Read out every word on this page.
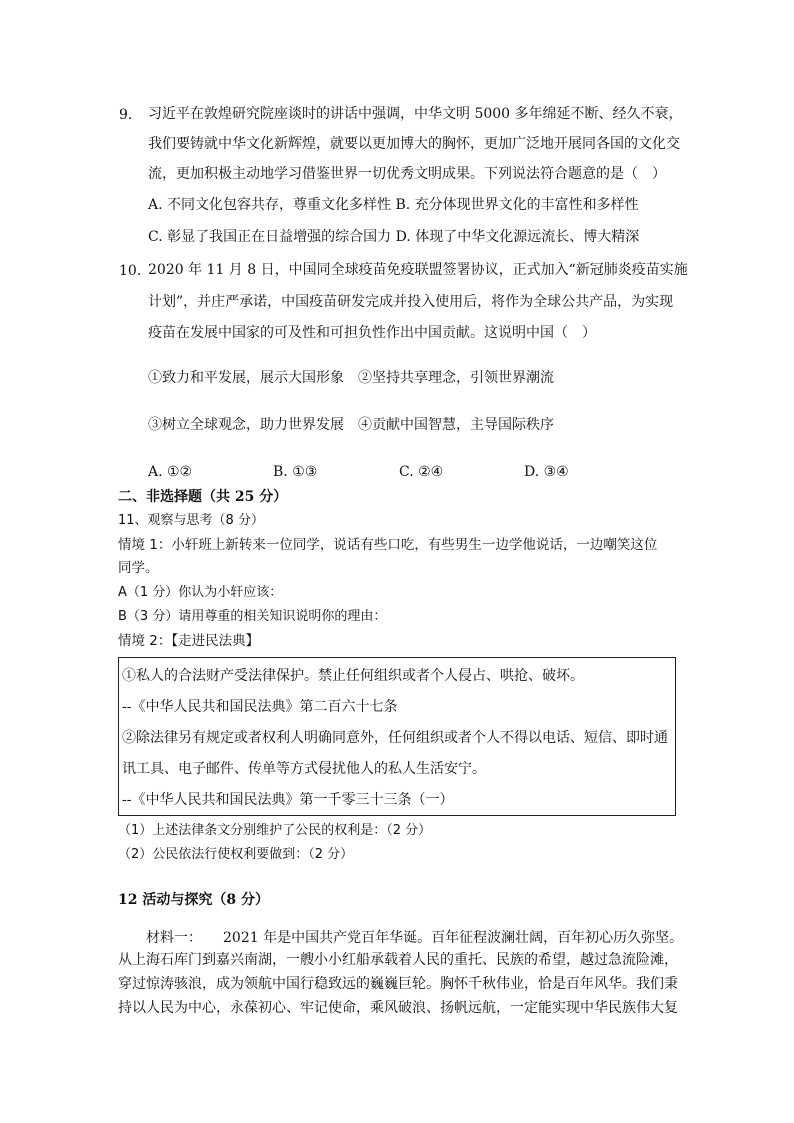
9. 习近平在敦煌研究院座谈时的讲话中强调，中华文明 5000 多年绵延不断、经久不衰，
我们要铸就中华文化新辉煌，就要以更加博大的胸怀，更加广泛地开展同各国的文化交
流，更加积极主动地学习借鉴世界一切优秀文明成果。下列说法符合题意的是（　）
A. 不同文化包容共存，尊重文化多样性 B. 充分体现世界文化的丰富性和多样性
C. 彰显了我国正在日益增强的综合国力 D. 体现了中华文化源远流长、博大精深
10. 2020 年 11 月 8 日，中国同全球疫苗免疫联盟签署协议，正式加入“新冠肺炎疫苗实施
计划”，并庄严承诺，中国疫苗研发完成并投入使用后，将作为全球公共产品，为实现
疫苗在发展中国家的可及性和可担负性作出中国贡献。这说明中国（　）
①致力和平发展，展示大国形象　②坚持共享理念，引领世界潮流
③树立全球观念，助力世界发展　④贡献中国智慧，主导国际秩序
A. ①②	B. ①③	C. ②④	D. ③④
二、非选择题（共 25 分）
11、观察与思考（8 分）
情境 1：小轩班上新转来一位同学，说话有些口吃，有些男生一边学他说话，一边嘲笑这位
同学。
A（1 分）你认为小轩应该：
B（3 分）请用尊重的相关知识说明你的理由：
情境 2：【走进民法典】
①私人的合法财产受法律保护。禁止任何组织或者个人侵占、哄抢、破坏。
--《中华人民共和国民法典》第二百六十七条
②除法律另有规定或者权利人明确同意外，任何组织或者个人不得以电话、短信、即时通
讯工具、电子邮件、传单等方式侵扰他人的私人生活安宁。
--《中华人民共和国民法典》第一千零三十三条（一）
（1）上述法律条文分别维护了公民的权利是：（2 分）
（2）公民依法行使权利要做到：（2 分）
12 活动与探究（8 分）
材料一：　　2021 年是中国共产党百年华诞。百年征程波澜壮阔，百年初心历久弥坚。
从上海石库门到嘉兴南湖，一艘小小红船承载着人民的重托、民族的希望，越过急流险滩，
穿过惊涛骇浪，成为领航中国行稳致远的巍巍巨轮。胸怀千秋伟业，恰是百年风华。我们秉
持以人民为中心，永葆初心、牢记使命，乘风破浪、扬帆远航，一定能实现中华民族伟大复
